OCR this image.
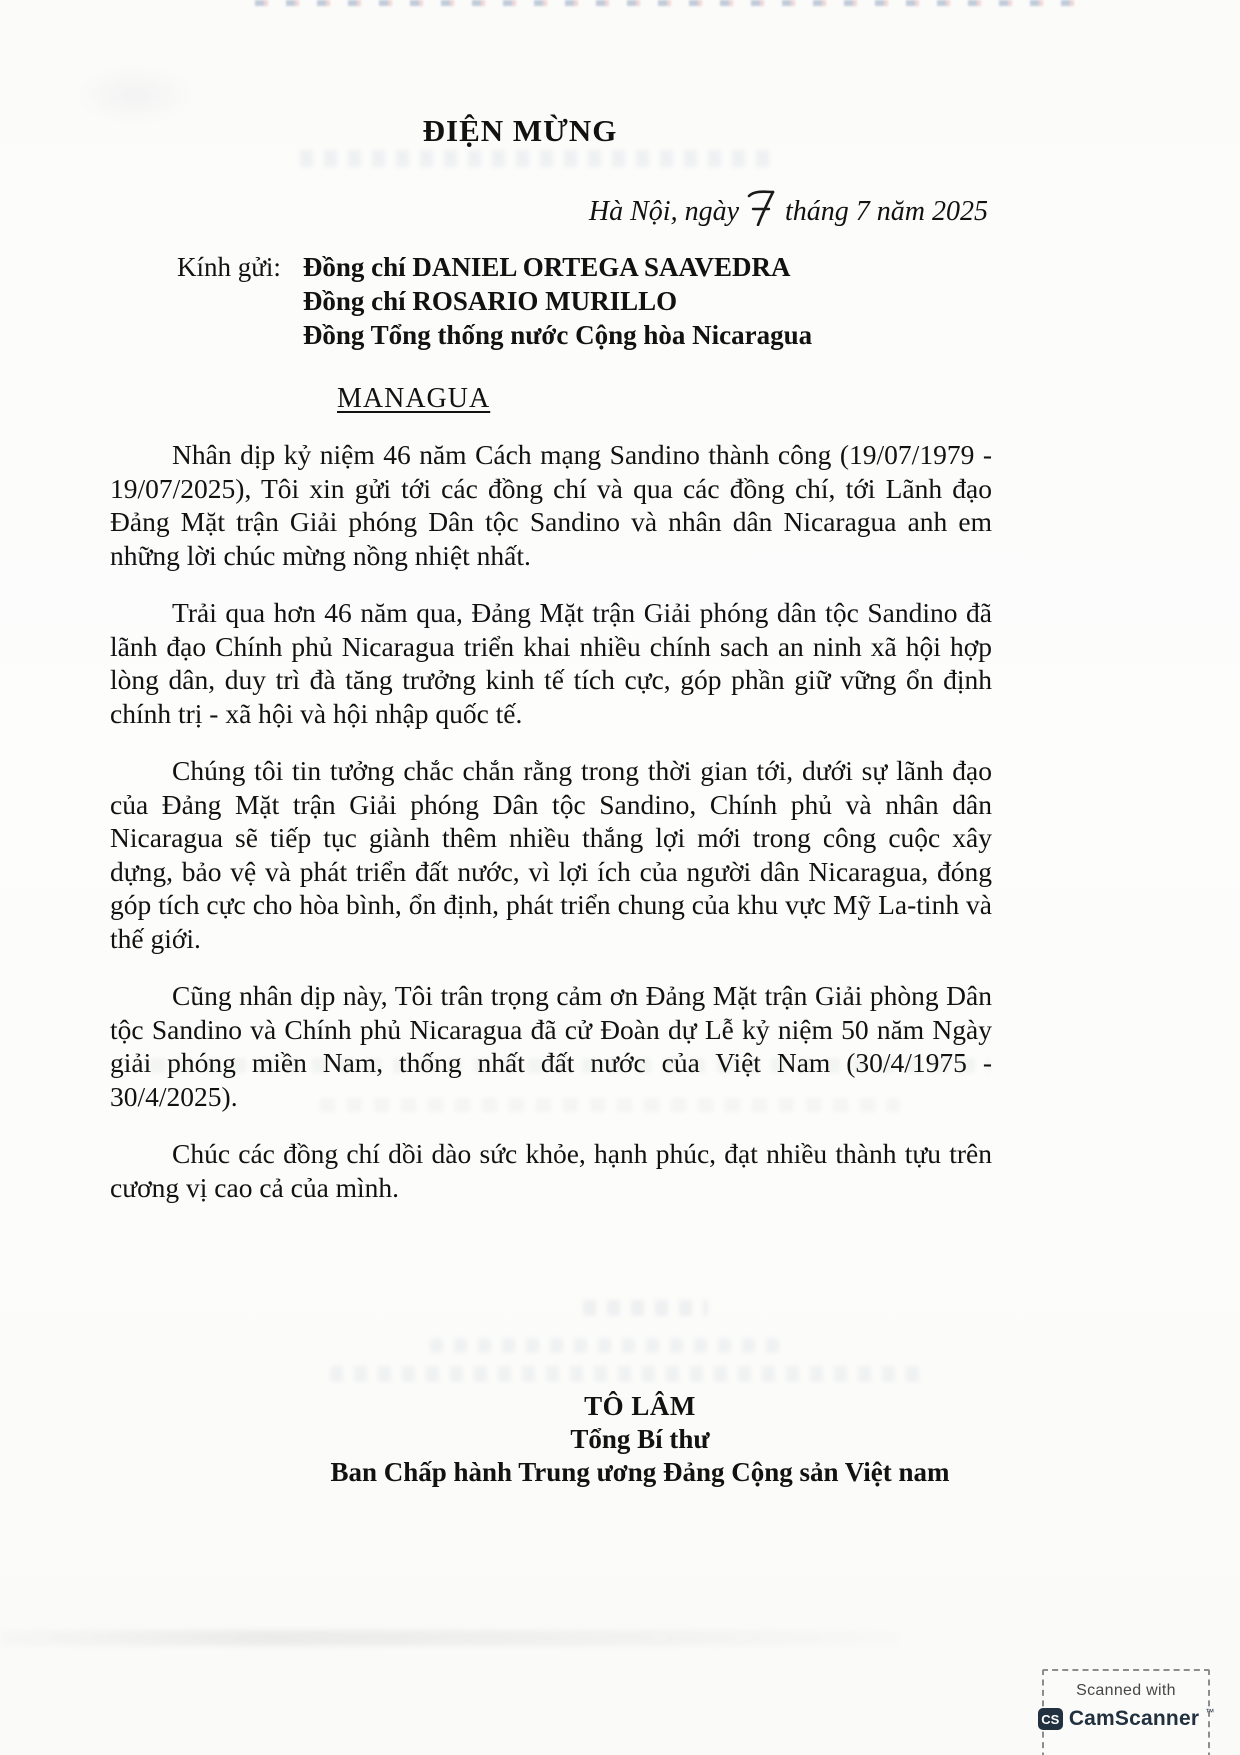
ĐIỆN MỪNG
Hà Nội, ngày tháng 7 năm 2025
Kính gửi: Đồng chí DANIEL ORTEGA SAAVEDRA
Đồng chí ROSARIO MURILLO
Đồng Tổng thống nước Cộng hòa Nicaragua
MANAGUA

Nhân dịp kỷ niệm 46 năm Cách mạng Sandino thành công (19/07/1979 - 19/07/2025), Tôi xin gửi tới các đồng chí và qua các đồng chí, tới Lãnh đạo Đảng Mặt trận Giải phóng Dân tộc Sandino và nhân dân Nicaragua anh em những lời chúc mừng nồng nhiệt nhất.

Trải qua hơn 46 năm qua, Đảng Mặt trận Giải phóng dân tộc Sandino đã lãnh đạo Chính phủ Nicaragua triển khai nhiều chính sach an ninh xã hội hợp lòng dân, duy trì đà tăng trưởng kinh tế tích cực, góp phần giữ vững ổn định chính trị - xã hội và hội nhập quốc tế.

Chúng tôi tin tưởng chắc chắn rằng trong thời gian tới, dưới sự lãnh đạo của Đảng Mặt trận Giải phóng Dân tộc Sandino, Chính phủ và nhân dân Nicaragua sẽ tiếp tục giành thêm nhiều thắng lợi mới trong công cuộc xây dựng, bảo vệ và phát triển đất nước, vì lợi ích của người dân Nicaragua, đóng góp tích cực cho hòa bình, ổn định, phát triển chung của khu vực Mỹ La-tinh và thế giới.

Cũng nhân dịp này, Tôi trân trọng cảm ơn Đảng Mặt trận Giải phòng Dân tộc Sandino và Chính phủ Nicaragua đã cử Đoàn dự Lễ kỷ niệm 50 năm Ngày giải phóng miền Nam, thống nhất đất nước của Việt Nam (30/4/1975 - 30/4/2025).

Chúc các đồng chí dồi dào sức khỏe, hạnh phúc, đạt nhiều thành tựu trên cương vị cao cả của mình.

TÔ LÂM
Tổng Bí thư
Ban Chấp hành Trung ương Đảng Cộng sản Việt nam
Scanned with
CS CamScanner ™
